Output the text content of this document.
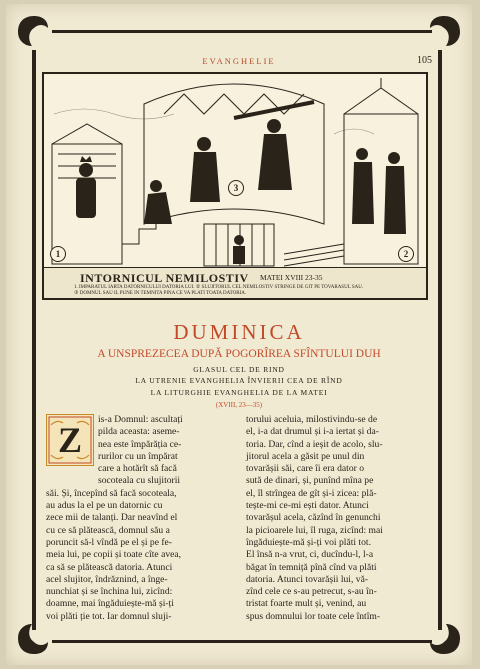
EVANGHELIE	105
1
3
2
INTORNICUL NEMILOSTIV MATEI XVIII 23-35
1. IMPARATUL IARTA DATORNICULUI DATORIA LUI. ② SLUJITORUL CEL NEMILOSTIV STRINGE DE GIT PE TOVARASUL SAU.
③ DOMNUL SAU IL PUNE IN TEMNITA PINA CE VA PLATI TOATA DATORIA.
DUMINICA
A UNSPREZECEA DUPĂ POGORÎREA SFÎNTULUI DUH
GLASUL CEL DE RIND
LA UTRENIE EVANGHELIA ÎNVIERII CEA DE RÎND
LA LITURGHIE EVANGHELIA DE LA MATEI
(XVIII, 23—35)
Z
is-a Domnul: ascultați
pilda aceasta: aseme-
nea este împărăția ce-
rurilor cu un împărat
care a hotărît să facă
socoteala cu slujitorii
săi. Și, începînd să facă socoteala,
au adus la el pe un datornic cu
zece mii de talanți. Dar neavînd el
cu ce să plătească, domnul său a
poruncit să-l vîndă pe el și pe fe-
meia lui, pe copii și toate cîte avea,
ca să se plătească datoria. Atunci
acel slujitor, îndrăznind, a înge-
nunchiat și se închina lui, zicînd:
doamne, mai îngăduiește-mă și-ți
voi plăti ție tot. Iar domnul sluji-
torului aceluia, milostivindu-se de
el, i-a dat drumul și i-a iertat și da-
toria. Dar, cînd a ieșit de acolo, slu-
jitorul acela a găsit pe unul din
tovarășii săi, care îi era dator o
sută de dinari, și, punînd mîna pe
el, îl strîngea de gît și-i zicea: plă-
tește-mi ce-mi ești dator. Atunci
tovarășul acela, căzînd în genunchi
la picioarele lui, îl ruga, zicînd: mai
îngăduiește-mă și-ți voi plăti tot.
El însă n-a vrut, ci, ducîndu-l, l-a
băgat în temniță pînă cînd va plăti
datoria. Atunci tovarășii lui, vă-
zînd cele ce s-au petrecut, s-au în-
tristat foarte mult și, venind, au
spus domnului lor toate cele întîm-
